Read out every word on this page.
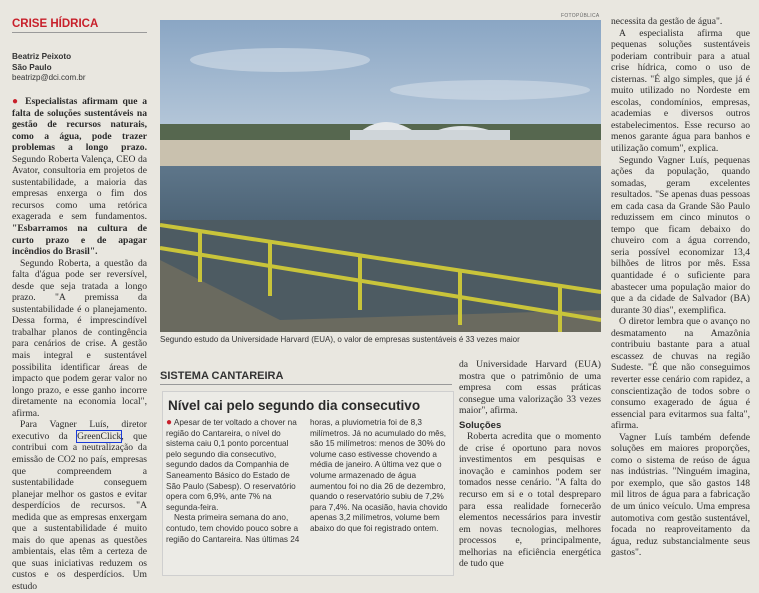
CRISE HÍDRICA
Beatriz Peixoto
São Paulo
beatrizp@dci.com.br

● Especialistas afirmam que a falta de soluções sustentáveis na gestão de recursos naturais, como a água, pode trazer problemas a longo prazo. Segundo Roberta Valença, CEO da Avator, consultoria em projetos de sustentabilidade, a maioria das empresas enxerga o fim dos recursos como uma retórica exagerada e sem fundamentos. "Esbarramos na cultura de curto prazo e de apagar incêndios do Brasil".

Segundo Roberta, a questão da falta d'água pode ser reversível, desde que seja tratada a longo prazo. "A premissa da sustentabilidade é o planejamento. Dessa forma, é imprescindível trabalhar planos de contingência para cenários de crise. A gestão mais integral e sustentável possibilita identificar áreas de impacto que podem gerar valor no longo prazo, e esse ganho incorre diretamente na economia local", afirma.

Para Vagner Luís, diretor executivo da GreenClick, que contribui com a neutralização da emissão de CO2 no país, empresas que compreendem a sustentabilidade conseguem planejar melhor os gastos e evitar desperdícios de recursos. "A medida que as empresas enxergam que a sustentabilidade é muito mais do que apenas as questões ambientais, elas têm a certeza de que suas iniciativas reduzem os custos e os desperdícios. Um estudo

FOTOPÚBLICA
Segundo estudo da Universidade Harvard (EUA), o valor de empresas sustentáveis é 33 vezes maior
SISTEMA CANTAREIRA
Nível cai pelo segundo dia consecutivo

● Apesar de ter voltado a chover na região do Cantareira, o nível do sistema caiu 0,1 ponto porcentual pelo segundo dia consecutivo, segundo dados da Companhia de Saneamento Básico do Estado de São Paulo (Sabesp). O reservatório opera com 6,9%, ante 7% na segunda-feira.

Nesta primeira semana do ano, contudo, tem chovido pouco sobre a região do Cantareira. Nas últimas 24

horas, a pluviometria foi de 8,3 milímetros. Já no acumulado do mês, são 15 milímetros: menos de 30% do volume caso estivesse chovendo a média de janeiro. A última vez que o volume armazenado de água aumentou foi no dia 26 de dezembro, quando o reservatório subiu de 7,2% para 7,4%. Na ocasião, havia chovido apenas 3,2 milímetros, volume bem abaixo do que foi registrado ontem.

da Universidade Harvard (EUA) mostra que o patrimônio de uma empresa com essas práticas consegue uma valorização 33 vezes maior", afirma.

Soluções

Roberta acredita que o momento de crise é oportuno para novos investimentos em pesquisas e inovação e caminhos podem ser tomados nesse cenário. "A falta do recurso em si e o total despreparo para essa realidade fornecerão elementos necessários para investir em novas tecnologias, melhores processos e, principalmente, melhorias na eficiência energética de tudo que

necessita da gestão de água".

A especialista afirma que pequenas soluções sustentáveis poderiam contribuir para a atual crise hídrica, como o uso de cisternas. "É algo simples, que já é muito utilizado no Nordeste em escolas, condomínios, empresas, academias e diversos outros estabelecimentos. Esse recurso ao menos garante água para banhos e utilização comum", explica.

Segundo Vagner Luís, pequenas ações da população, quando somadas, geram excelentes resultados. "Se apenas duas pessoas em cada casa da Grande São Paulo reduzissem em cinco minutos o tempo que ficam debaixo do chuveiro com a água correndo, seria possível economizar 13,4 bilhões de litros por mês. Essa quantidade é o suficiente para abastecer uma população maior do que a da cidade de Salvador (BA) durante 30 dias", exemplifica.

O diretor lembra que o avanço no desmatamento na Amazônia contribuiu bastante para a atual escassez de chuvas na região Sudeste. "É que não conseguimos reverter esse cenário com rapidez, a conscientização de todos sobre o consumo exagerado de água é essencial para evitarmos sua falta", afirma.

Vagner Luís também defende soluções em maiores proporções, como o sistema de reúso de água nas indústrias. "Ninguém imagina, por exemplo, que são gastos 148 mil litros de água para a fabricação de um único veículo. Uma empresa automotiva com gestão sustentável, focada no reaproveitamento da água, reduz substancialmente seus gastos".
